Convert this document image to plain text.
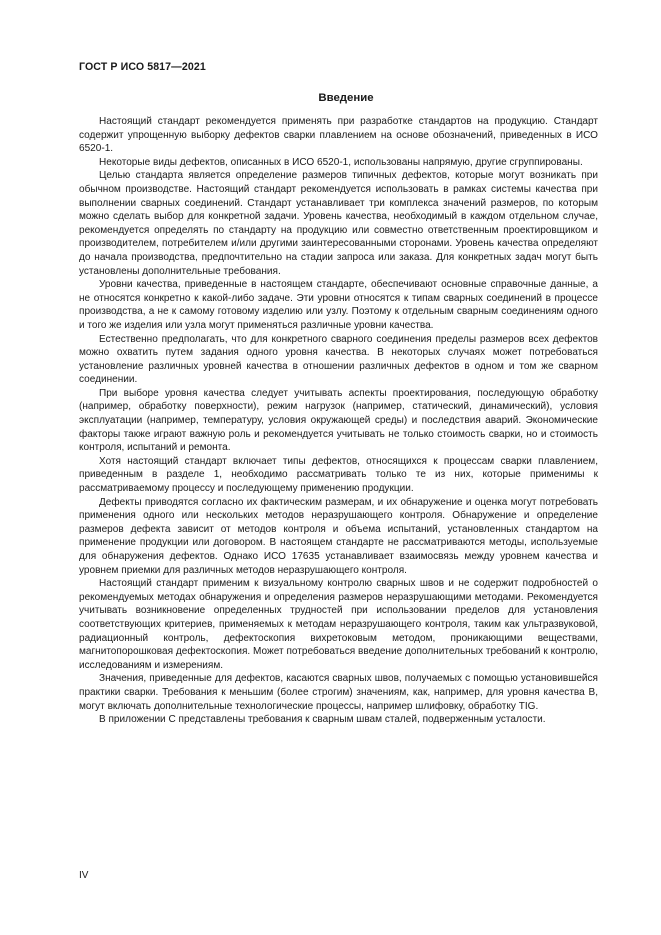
ГОСТ Р ИСО 5817—2021
Введение

Настоящий стандарт рекомендуется применять при разработке стандартов на продукцию. Стандарт содержит упрощенную выборку дефектов сварки плавлением на основе обозначений, приведенных в ИСО 6520-1.

Некоторые виды дефектов, описанных в ИСО 6520-1, использованы напрямую, другие сгруппированы.

Целью стандарта является определение размеров типичных дефектов, которые могут возникать при обычном производстве. Настоящий стандарт рекомендуется использовать в рамках системы качества при выполнении сварных соединений. Стандарт устанавливает три комплекса значений размеров, по которым можно сделать выбор для конкретной задачи. Уровень качества, необходимый в каждом отдельном случае, рекомендуется определять по стандарту на продукцию или совместно ответственным проектировщиком и производителем, потребителем и/или другими заинтересованными сторонами. Уровень качества определяют до начала производства, предпочтительно на стадии запроса или заказа. Для конкретных задач могут быть установлены дополнительные требования.

Уровни качества, приведенные в настоящем стандарте, обеспечивают основные справочные данные, а не относятся конкретно к какой-либо задаче. Эти уровни относятся к типам сварных соединений в процессе производства, а не к самому готовому изделию или узлу. Поэтому к отдельным сварным соединениям одного и того же изделия или узла могут применяться различные уровни качества.

Естественно предполагать, что для конкретного сварного соединения пределы размеров всех дефектов можно охватить путем задания одного уровня качества. В некоторых случаях может потребоваться установление различных уровней качества в отношении различных дефектов в одном и том же сварном соединении.

При выборе уровня качества следует учитывать аспекты проектирования, последующую обработку (например, обработку поверхности), режим нагрузок (например, статический, динамический), условия эксплуатации (например, температуру, условия окружающей среды) и последствия аварий. Экономические факторы также играют важную роль и рекомендуется учитывать не только стоимость сварки, но и стоимость контроля, испытаний и ремонта.

Хотя настоящий стандарт включает типы дефектов, относящихся к процессам сварки плавлением, приведенным в разделе 1, необходимо рассматривать только те из них, которые применимы к рассматриваемому процессу и последующему применению продукции.

Дефекты приводятся согласно их фактическим размерам, и их обнаружение и оценка могут потребовать применения одного или нескольких методов неразрушающего контроля. Обнаружение и определение размеров дефекта зависит от методов контроля и объема испытаний, установленных стандартом на применение продукции или договором. В настоящем стандарте не рассматриваются методы, используемые для обнаружения дефектов. Однако ИСО 17635 устанавливает взаимосвязь между уровнем качества и уровнем приемки для различных методов неразрушающего контроля.

Настоящий стандарт применим к визуальному контролю сварных швов и не содержит подробностей о рекомендуемых методах обнаружения и определения размеров неразрушающими методами. Рекомендуется учитывать возникновение определенных трудностей при использовании пределов для установления соответствующих критериев, применяемых к методам неразрушающего контроля, таким как ультразвуковой, радиационный контроль, дефектоскопия вихретоковым методом, проникающими веществами, магнитопорошковая дефектоскопия. Может потребоваться введение дополнительных требований к контролю, исследованиям и измерениям.

Значения, приведенные для дефектов, касаются сварных швов, получаемых с помощью установившейся практики сварки. Требования к меньшим (более строгим) значениям, как, например, для уровня качества B, могут включать дополнительные технологические процессы, например шлифовку, обработку TIG.

В приложении C представлены требования к сварным швам сталей, подверженным усталости.

IV
